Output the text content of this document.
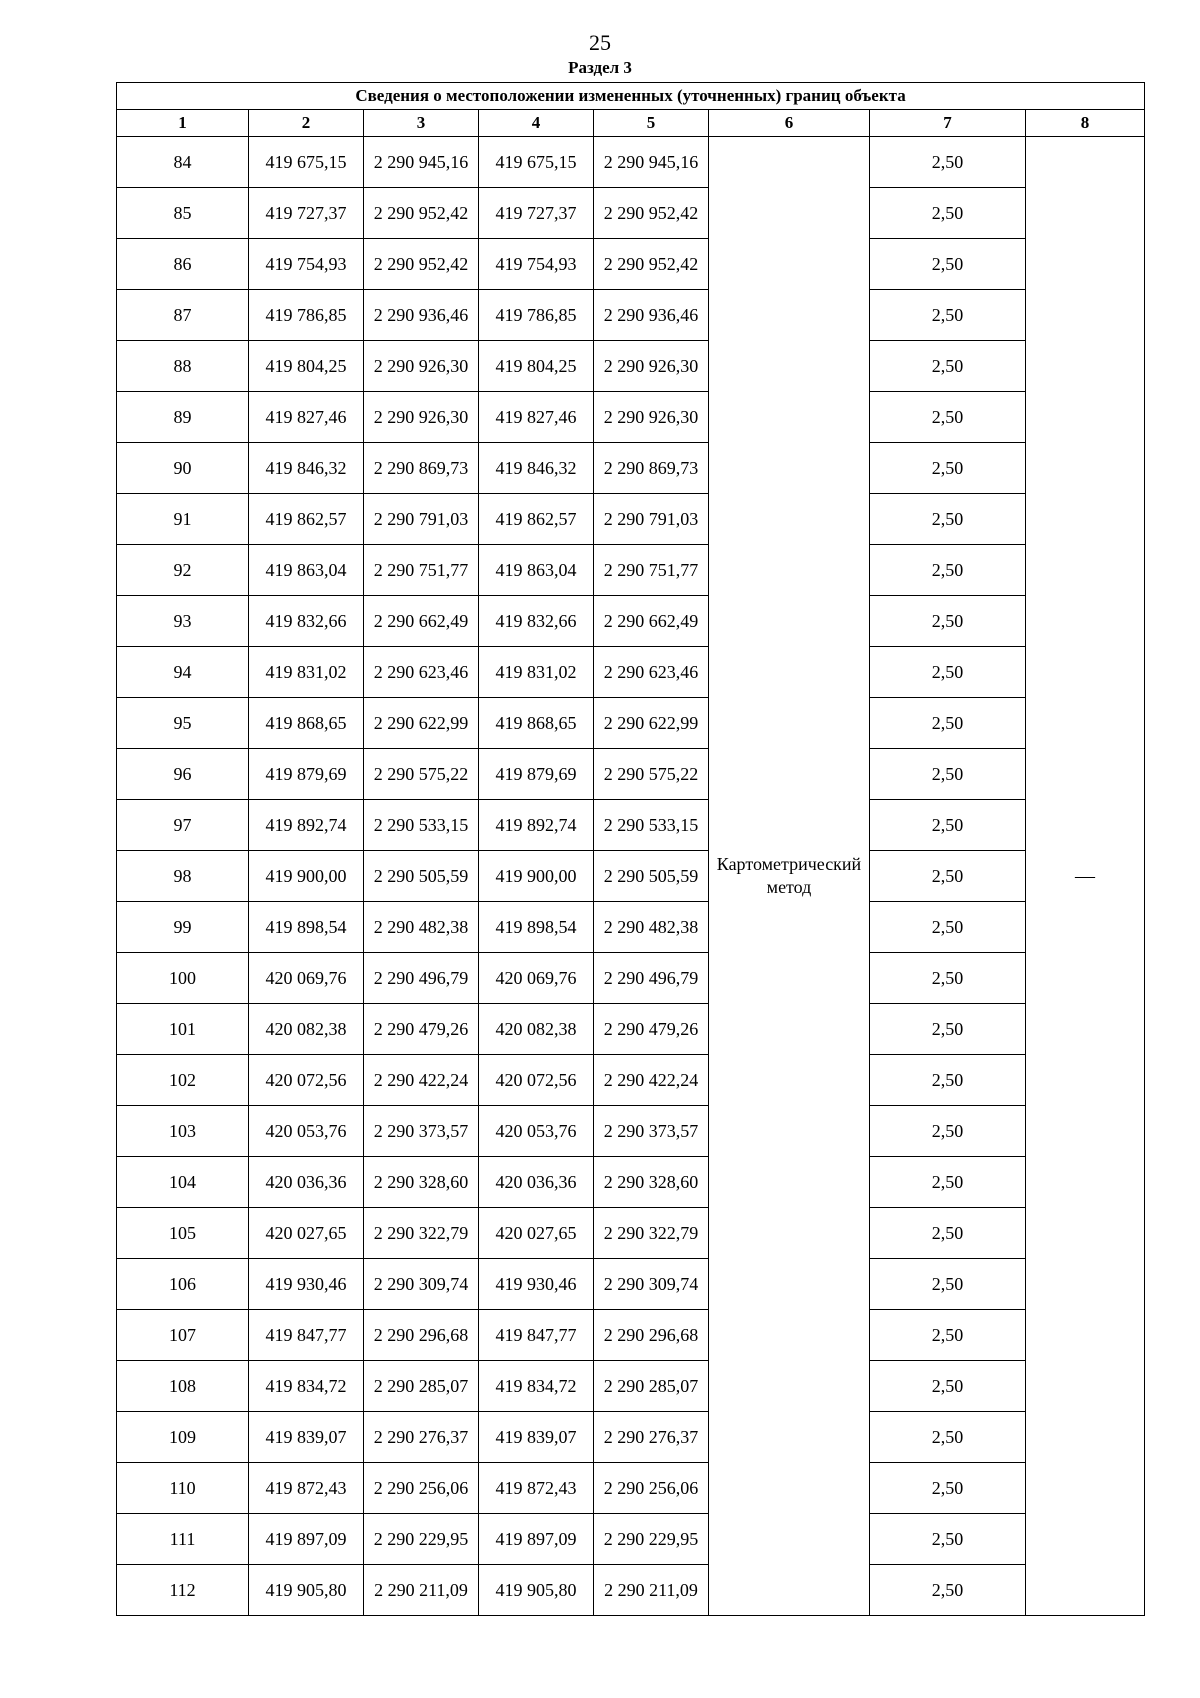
25
Раздел 3
Сведения о местоположении измененных (уточненных) границ объекта							
1	2	3	4	5	6	7	8
84	419 675,15	2 290 945,16	419 675,15	2 290 945,16	Картометрический метод	2,50	—
85	419 727,37	2 290 952,42	419 727,37	2 290 952,42		2,50	
86	419 754,93	2 290 952,42	419 754,93	2 290 952,42		2,50	
87	419 786,85	2 290 936,46	419 786,85	2 290 936,46		2,50	
88	419 804,25	2 290 926,30	419 804,25	2 290 926,30		2,50	
89	419 827,46	2 290 926,30	419 827,46	2 290 926,30		2,50	
90	419 846,32	2 290 869,73	419 846,32	2 290 869,73		2,50	
91	419 862,57	2 290 791,03	419 862,57	2 290 791,03		2,50	
92	419 863,04	2 290 751,77	419 863,04	2 290 751,77		2,50	
93	419 832,66	2 290 662,49	419 832,66	2 290 662,49		2,50	
94	419 831,02	2 290 623,46	419 831,02	2 290 623,46		2,50	
95	419 868,65	2 290 622,99	419 868,65	2 290 622,99		2,50	
96	419 879,69	2 290 575,22	419 879,69	2 290 575,22		2,50	
97	419 892,74	2 290 533,15	419 892,74	2 290 533,15		2,50	
98	419 900,00	2 290 505,59	419 900,00	2 290 505,59		2,50	
99	419 898,54	2 290 482,38	419 898,54	2 290 482,38		2,50	
100	420 069,76	2 290 496,79	420 069,76	2 290 496,79		2,50	
101	420 082,38	2 290 479,26	420 082,38	2 290 479,26		2,50	
102	420 072,56	2 290 422,24	420 072,56	2 290 422,24		2,50	
103	420 053,76	2 290 373,57	420 053,76	2 290 373,57		2,50	
104	420 036,36	2 290 328,60	420 036,36	2 290 328,60		2,50	
105	420 027,65	2 290 322,79	420 027,65	2 290 322,79		2,50	
106	419 930,46	2 290 309,74	419 930,46	2 290 309,74		2,50	
107	419 847,77	2 290 296,68	419 847,77	2 290 296,68		2,50	
108	419 834,72	2 290 285,07	419 834,72	2 290 285,07		2,50	
109	419 839,07	2 290 276,37	419 839,07	2 290 276,37		2,50	
110	419 872,43	2 290 256,06	419 872,43	2 290 256,06		2,50	
111	419 897,09	2 290 229,95	419 897,09	2 290 229,95		2,50	
112	419 905,80	2 290 211,09	419 905,80	2 290 211,09		2,50	
